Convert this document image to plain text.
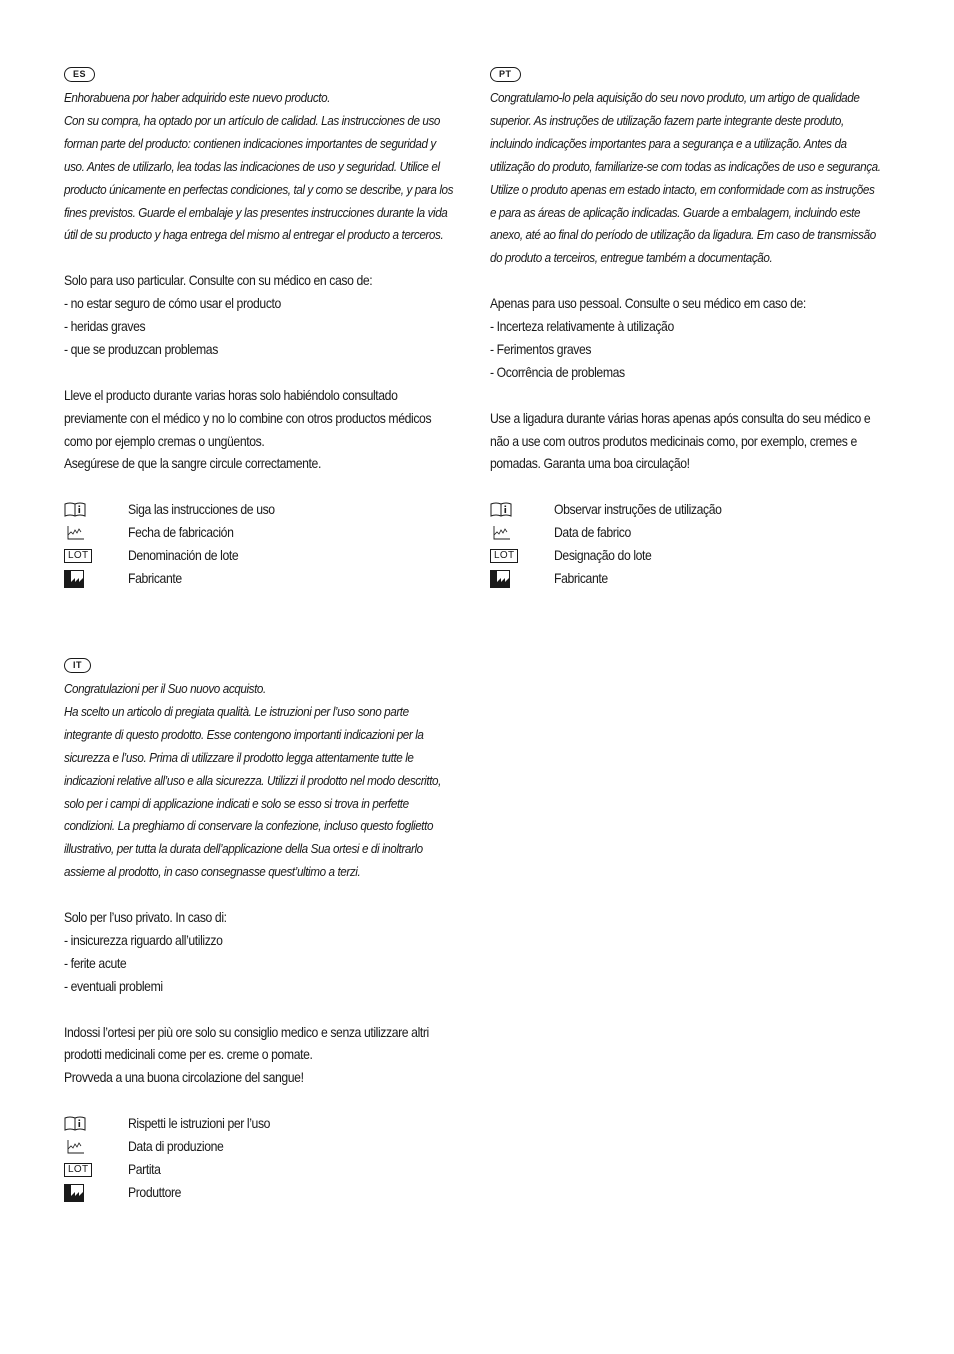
ES

Enhorabuena por haber adquirido este nuevo producto.

Con su compra, ha optado por un artículo de calidad. Las instrucciones de uso

forman parte del producto: contienen indicaciones importantes de seguridad y

uso. Antes de utilizarlo, lea todas las indicaciones de uso y seguridad. Utilice el

producto únicamente en perfectas condiciones, tal y como se describe, y para los

fines previstos. Guarde el embalaje y las presentes instrucciones durante la vida

útil de su producto y haga entrega del mismo al entregar el producto a terceros.

Solo para uso particular. Consulte con su médico en caso de:

- no estar seguro de cómo usar el producto

- heridas graves

- que se produzcan problemas

Lleve el producto durante varias horas solo habiéndolo consultado

previamente con el médico y no lo combine con otros productos médicos

como por ejemplo cremas o ungüentos.

Asegúrese de que la sangre circule correctamente.

LOT
Siga las instrucciones de uso
Fecha de fabricación
Denominación de lote
Fabricante
PT

Congratulamo-lo pela aquisição do seu novo produto, um artigo de qualidade

superior. As instruções de utilização fazem parte integrante deste produto,

incluindo indicações importantes para a segurança e a utilização. Antes da

utilização do produto, familiarize-se com todas as indicações de uso e segurança.

Utilize o produto apenas em estado intacto, em conformidade com as instruções

e para as áreas de aplicação indicadas. Guarde a embalagem, incluindo este

anexo, até ao final do período de utilização da ligadura. Em caso de transmissão

do produto a terceiros, entregue também a documentação.

Apenas para uso pessoal. Consulte o seu médico em caso de:

- Incerteza relativamente à utilização

- Ferimentos graves

- Ocorrência de problemas

Use a ligadura durante várias horas apenas após consulta do seu médico e

não a use com outros produtos medicinais como, por exemplo, cremes e

pomadas. Garanta uma boa circulação!

LOT
Observar instruções de utilização
Data de fabrico
Designação do lote
Fabricante
IT

Congratulazioni per il Suo nuovo acquisto.

Ha scelto un articolo di pregiata qualità. Le istruzioni per l’uso sono parte

integrante di questo prodotto. Esse contengono importanti indicazioni per la

sicurezza e l’uso. Prima di utilizzare il prodotto legga attentamente tutte le

indicazioni relative all’uso e alla sicurezza. Utilizzi il prodotto nel modo descritto,

solo per i campi di applicazione indicati e solo se esso si trova in perfette

condizioni. La preghiamo di conservare la confezione, incluso questo foglietto

illustrativo, per tutta la durata dell’applicazione della Sua ortesi e di inoltrarlo

assieme al prodotto, in caso consegnasse quest’ultimo a terzi.

Solo per l’uso privato. In caso di:

- insicurezza riguardo all’utilizzo

- ferite acute

- eventuali problemi

Indossi l’ortesi per più ore solo su consiglio medico e senza utilizzare altri

prodotti medicinali come per es. creme o pomate.

Provveda a una buona circolazione del sangue!

LOT
Rispetti le istruzioni per l’uso
Data di produzione
Partita
Produttore
